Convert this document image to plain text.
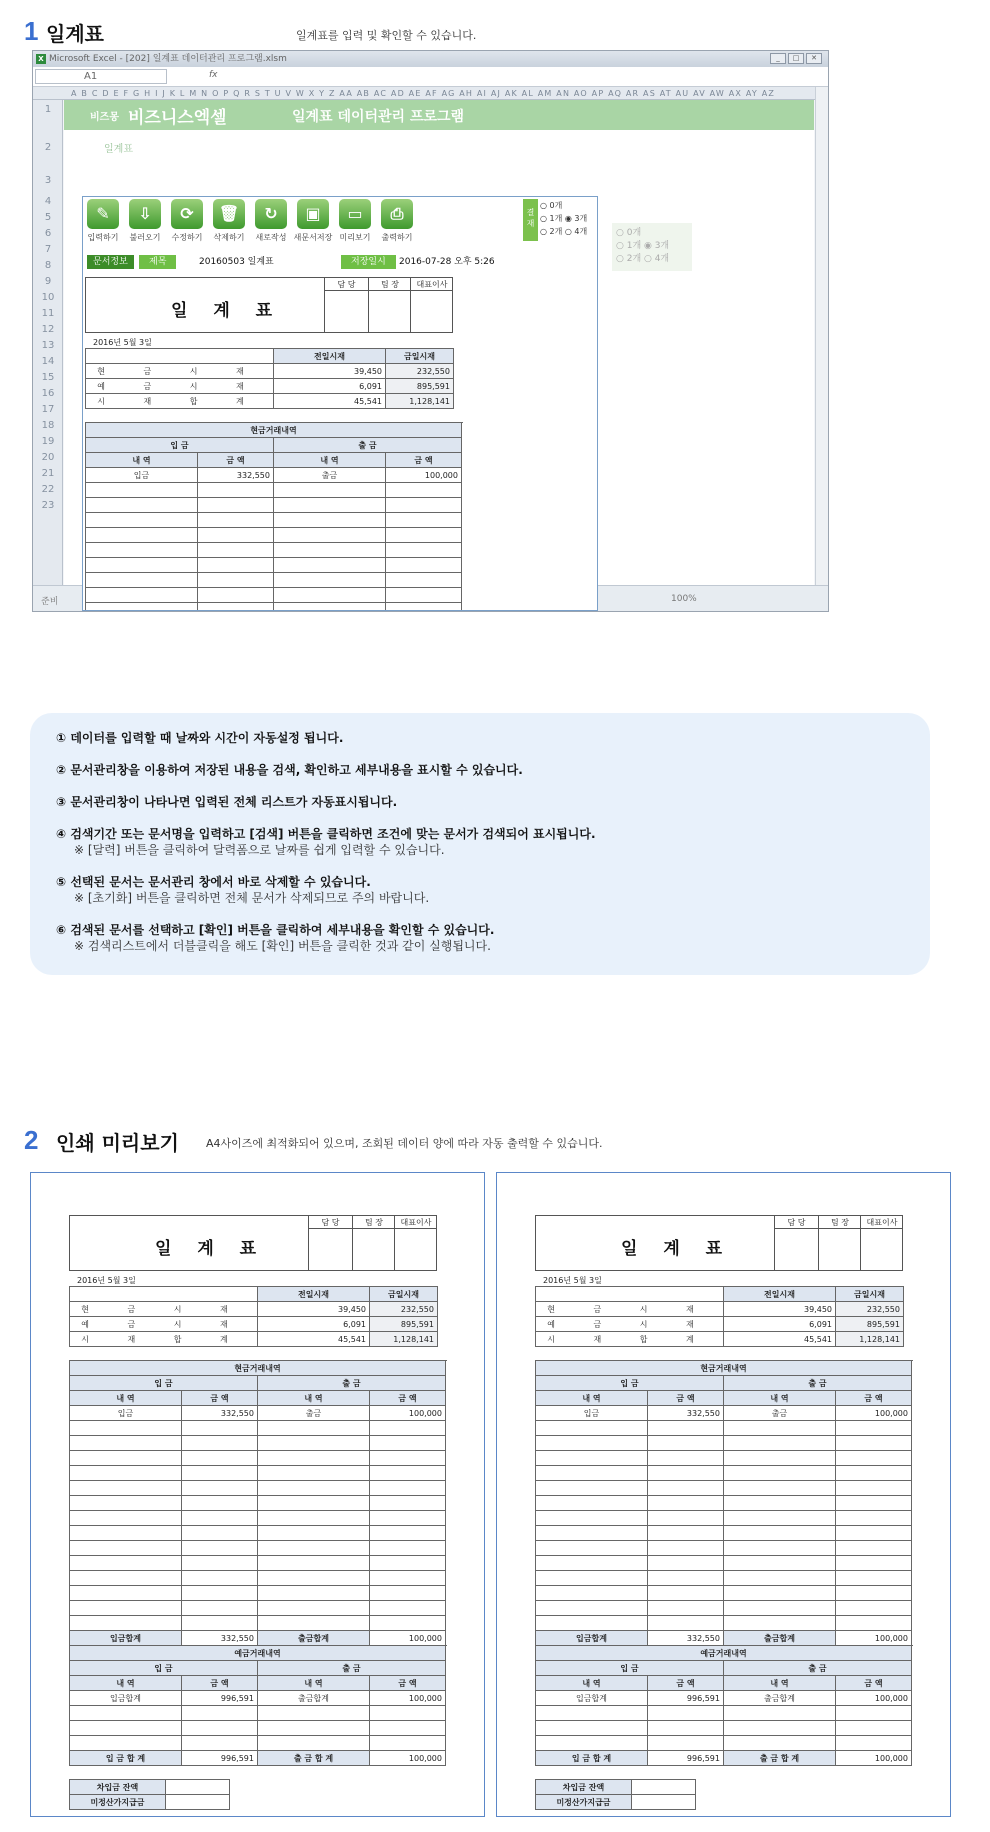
1 일계표	일계표를 입력 및 확인할 수 있습니다.
X Microsoft Excel - [202] 일계표 데이터관리 프로그램.xlsm	_	□	✕
A1	fx
A B C D E F G H I J K L M N O P Q R S T U V W X Y Z AA AB AC AD AE AF AG AH AI AJ AK AL AM AN AO AP AQ AR AS AT AU AV AW AX AY AZ
1
2
3
4
5
6
7
8
9
10
11
12
13
14
15
16
17
18
19
20
21
22
23
비즈몽 비즈니스엑셀	일계표 데이터관리 프로그램
일계표
○ 0개
○ 1개 ◉ 3개
○ 2개 ○ 4개
준비	100%
✎
입력하기
⇩
불러오기
⟳
수정하기
🗑
삭제하기
↻
새로작성
▣
새문서저장
▭
미리보기
⎙
출력하기
결재
○ 0개
○ 1개 ◉ 3개
○ 2개 ○ 4개
문서정보	제목	20160503 일계표	저장일시	2016-07-28 오후 5:26
일 계 표
담 당	팀 장	대표이사
2016년 5월 3일
	전일시재	금일시재
현 금 시 재	39,450	232,550
예 금 시 재	6,091	895,591
시 재 합 계	45,541	1,128,141
현금거래내역				
입 금		출 금	
내 역	금 액	내 역	금 액	
입금	332,550	출금	100,000	

① 데이터를 입력할 때 날짜와 시간이 자동설정 됩니다.
② 문서관리창을 이용하여 저장된 내용을 검색, 확인하고 세부내용을 표시할 수 있습니다.
③ 문서관리창이 나타나면 입력된 전체 리스트가 자동표시됩니다.
④ 검색기간 또는 문서명을 입력하고 [검색] 버튼을 클릭하면 조건에 맞는 문서가 검색되어 표시됩니다.
※ [달력] 버튼을 클릭하여 달력폼으로 날짜를 쉽게 입력할 수 있습니다.
⑤ 선택된 문서는 문서관리 창에서 바로 삭제할 수 있습니다.
※ [초기화] 버튼을 클릭하면 전체 문서가 삭제되므로 주의 바랍니다.
⑥ 검색된 문서를 선택하고 [확인] 버튼을 클릭하여 세부내용을 확인할 수 있습니다.
※ 검색리스트에서 더블클릭을 해도 [확인] 버튼을 클릭한 것과 같이 실행됩니다.
2 인쇄 미리보기 A4사이즈에 최적화되어 있으며, 조회된 데이터 양에 따라 자동 출력할 수 있습니다.
일 계 표
담 당	팀 장	대표이사
2016년 5월 3일
	전일시재	금일시재
현 금 시 재	39,450	232,550
예 금 시 재	6,091	895,591
시 재 합 계	45,541	1,128,141
현금거래내역				
입 금		출 금	
내 역	금 액	내 역	금 액	
입금	332,550	출금	100,000	

입금합계	332,550	출금합계	100,000	
예금거래내역				
입 금		출 금	
내 역	금 액	내 역	금 액	
입금합계	996,591	출금합계	100,000	

입 금 합 계	996,591	출 금 합 계	100,000	
차입금 잔액	
미정산가지급금	
일 계 표
담 당	팀 장	대표이사
2016년 5월 3일
	전일시재	금일시재
현 금 시 재	39,450	232,550
예 금 시 재	6,091	895,591
시 재 합 계	45,541	1,128,141
현금거래내역				
입 금		출 금	
내 역	금 액	내 역	금 액	
입금	332,550	출금	100,000	

입금합계	332,550	출금합계	100,000	
예금거래내역				
입 금		출 금	
내 역	금 액	내 역	금 액	
입금합계	996,591	출금합계	100,000	

입 금 합 계	996,591	출 금 합 계	100,000	
차입금 잔액	
미정산가지급금	
